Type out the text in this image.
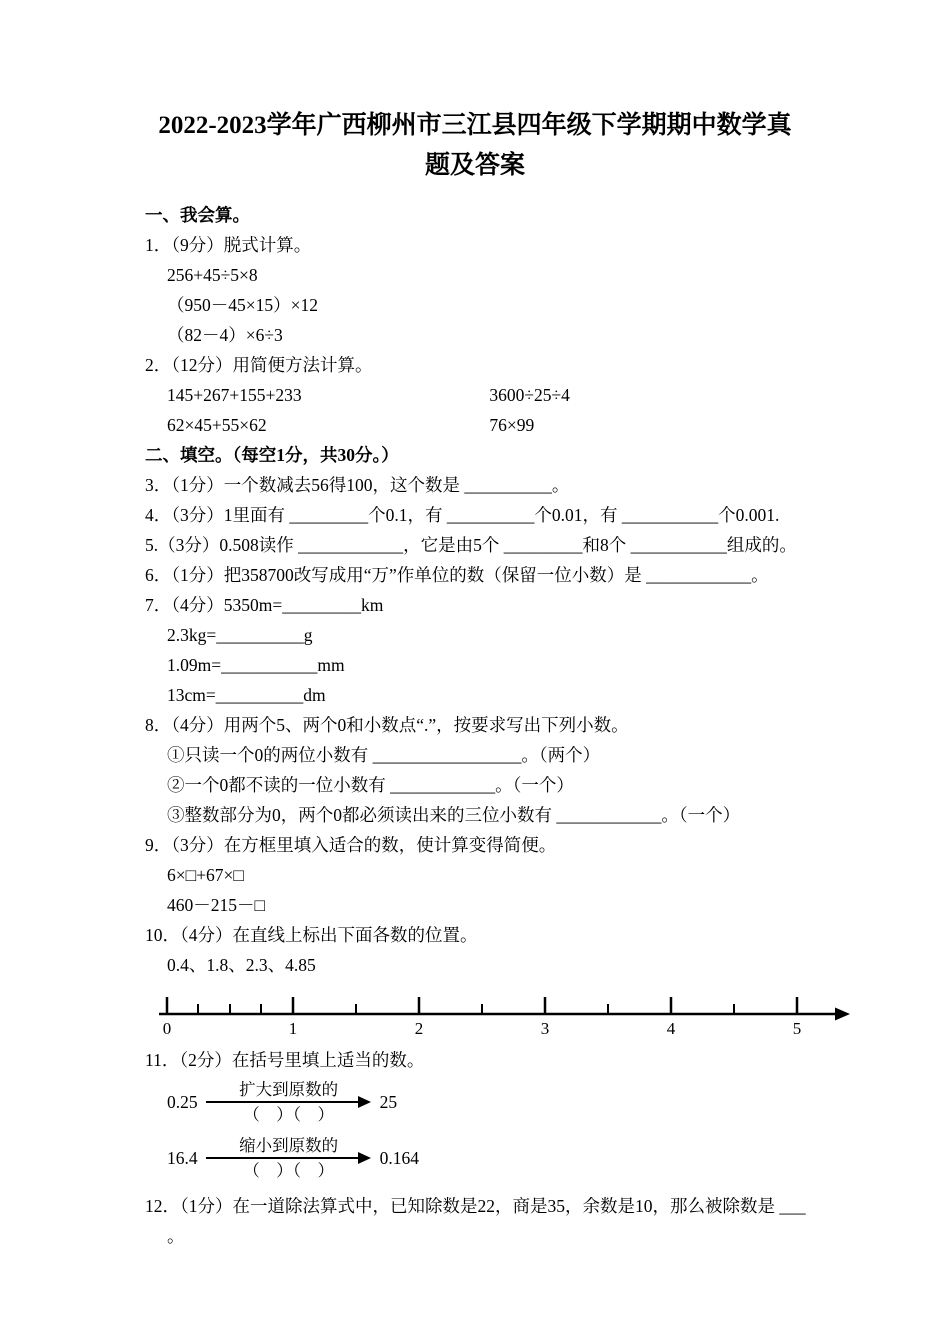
2022-2023学年广西柳州市三江县四年级下学期期中数学真
题及答案
一、我会算。
1．（9分）脱式计算。
256+45÷5×8
（950－45×15）×12
（82－4）×6÷3
2．（12分）用简便方法计算。
145+267+155+233	3600÷25÷4
62×45+55×62	76×99
二、填空。（每空1分，共30分。）
3．（1分）一个数减去56得100，这个数是 __________。
4．（3分）1里面有 _________个0.1，有 __________个0.01，有 ___________个0.001.
5.（3分）0.508读作 ____________，它是由5个 _________和8个 ___________组成的。
6．（1分）把358700改写成用“万”作单位的数（保留一位小数）是 ____________。
7．（4分）5350m=_________km
2.3kg=__________g
1.09m=___________mm
13cm=__________dm
8．（4分）用两个5、两个0和小数点“.”，按要求写出下列小数。
①只读一个0的两位小数有 _________________。（两个）
②一个0都不读的一位小数有 ____________。（一个）
③整数部分为0，两个0都必须读出来的三位小数有 ____________。（一个）
9．（3分）在方框里填入适合的数，使计算变得简便。
6×□+67×□
460－215－□
10．（4分）在直线上标出下面各数的位置。
0.4、1.8、2.3、4.85
0	1	2	3	4	5
11．（2分）在括号里填上适当的数。
0.25
扩大到原数的
（　）（　）
25
16.4
缩小到原数的
（　）（　）
0.164
12．（1分）在一道除法算式中，已知除数是22，商是35，余数是10，那么被除数是 ___
。
